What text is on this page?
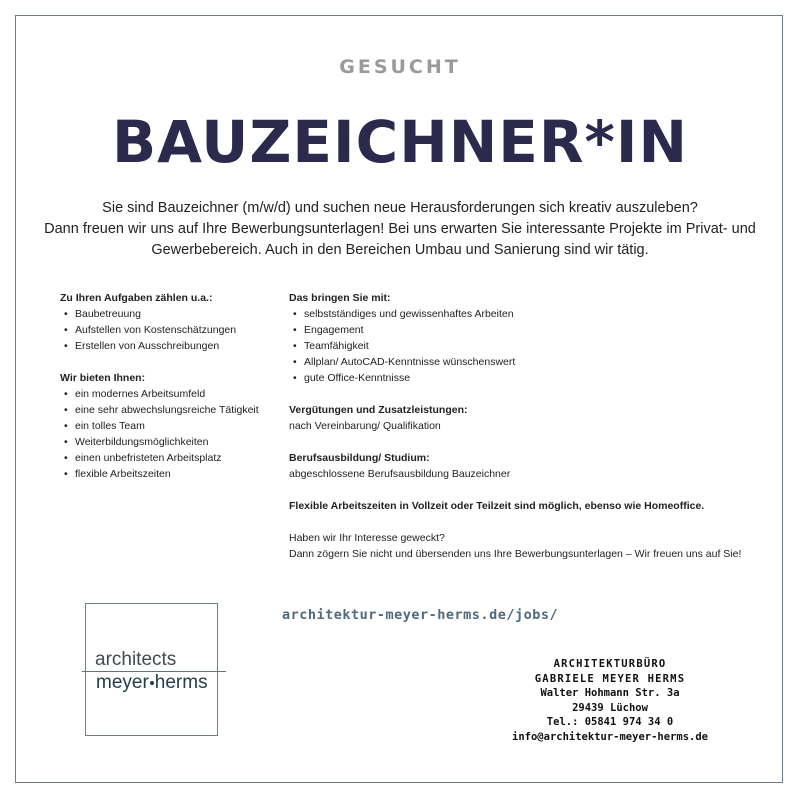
GESUCHT
BAUZEICHNER*IN
Sie sind Bauzeichner (m/w/d) und suchen neue Herausforderungen sich kreativ auszuleben?
Dann freuen wir uns auf Ihre Bewerbungsunterlagen! Bei uns erwarten Sie interessante Projekte im Privat- und
Gewerbebereich. Auch in den Bereichen Umbau und Sanierung sind wir tätig.
Zu Ihren Aufgaben zählen u.a.:
• Baubetreuung
• Aufstellen von Kostenschätzungen
• Erstellen von Ausschreibungen
Wir bieten Ihnen:
• ein modernes Arbeitsumfeld
• eine sehr abwechslungsreiche Tätigkeit
• ein tolles Team
• Weiterbildungsmöglichkeiten
• einen unbefristeten Arbeitsplatz
• flexible Arbeitszeiten
Das bringen Sie mit:
• selbstständiges und gewissenhaftes Arbeiten
• Engagement
• Teamfähigkeit
• Allplan/ AutoCAD-Kenntnisse wünschenswert
• gute Office-Kenntnisse
Vergütungen und Zusatzleistungen:

nach Vereinbarung/ Qualifikation

Berufsausbildung/ Studium:

abgeschlossene Berufsausbildung Bauzeichner

Flexible Arbeitszeiten in Vollzeit oder Teilzeit sind möglich, ebenso wie Homeoffice.

Haben wir Ihr Interesse geweckt?

Dann zögern Sie nicht und übersenden uns Ihre Bewerbungsunterlagen – Wir freuen uns auf Sie!

architektur-meyer-herms.de/jobs/
architects
meyer herms
ARCHITEKTURBÜRO
GABRIELE MEYER HERMS
Walter Hohmann Str. 3a
29439 Lüchow
Tel.: 05841 974 34 0
info@architektur-meyer-herms.de
